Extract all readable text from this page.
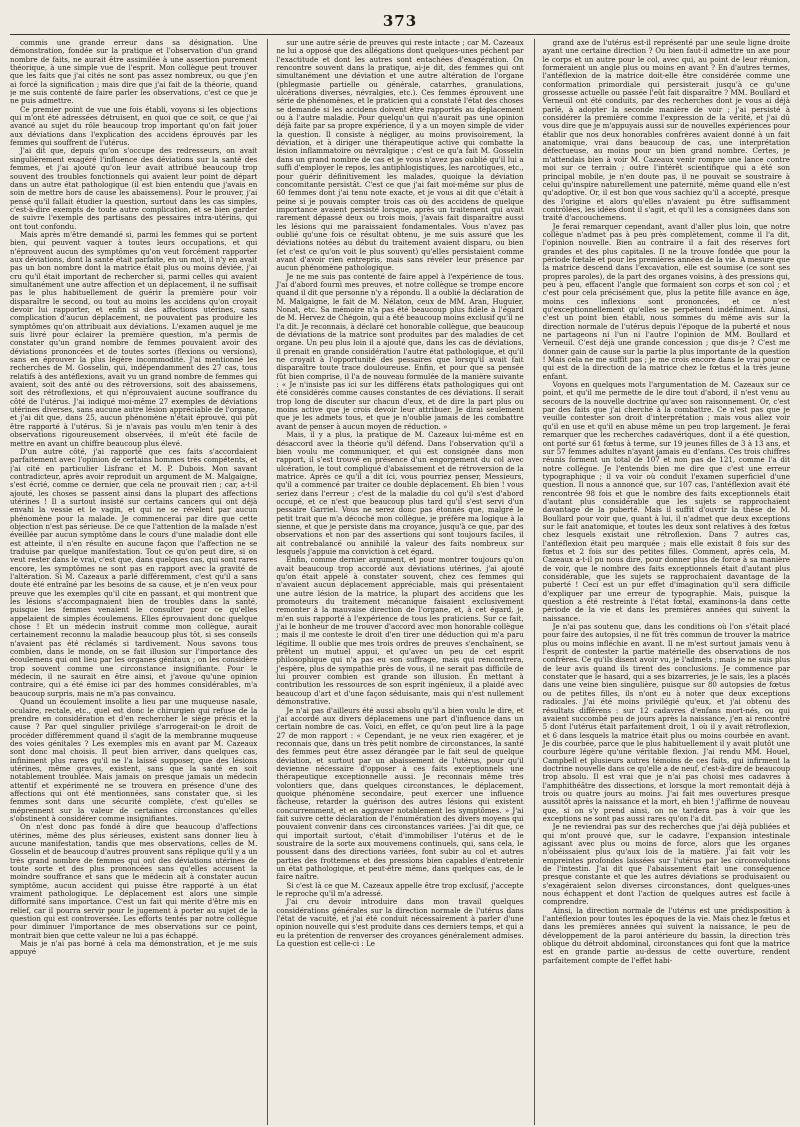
373

commis une grande erreur dans sa désignation. Une démonstration, fondée sur la pratique et l'observation d'un grand nombre de faits, ne aurait être assimilée à une assertion purement théorique, à une simple vue de l'esprit. Mon collègue peut trouver que les faits que j'ai cités ne sont pas assez nombreux, ou que j'en ai forcé la signification ; mais dire que j'ai fait de la théorie, quand je me suis contenté de faire parler les observations, c'est ce que je ne puis admettre.

Ce premier point de vue une fois établi, voyons si les objections qui m'ont été adressées détruisent, en quoi que ce soit, ce que j'ai avancé au sujet du rôle beaucoup trop important qu'on fait jouer aux déviations dans l'explication des accidens éprouvés par les femmes qui souffrent de l'utérus.

J'ai dit que, depuis qu'on s'occupe des redresseurs, on avait singulièrement exagéré l'influence des déviations sur la santé des femmes, et j'ai ajouté qu'on leur avait attribué beaucoup trop souvent des troubles fonctionnels qui avaient leur point de départ dans un autre état pathologique (il est bien entendu que j'avais en soin de mettre hors de cause les abaissemens). Pour le prouver, j'ai pensé qu'il fallait étudier la question, surtout dans les cas simples, c'est-à-dire exempts de toute autre complication, et se bien garder de suivre l'exemple des partisans des pessaires intra-utérins, qui ont tout confondu.

Mais après m'être demandé si, parmi les femmes qui se portent bien, qui peuvent vaquer à toutes leurs occupations, et qui n'éprouvent aucun des symptômes qu'on veut forcément rapporter aux déviations, dont la santé était parfaite, en un mot, il n'y en avait pas un bon nombre dont la matrice était plus ou moins déviée, j'ai cru qu'il était important de rechercher si, parmi celles qui avaient simultanément une autre affection et un déplacement, il ne suffisait pas le plus habituellement de guérir la première pour voir disparaître le second, ou tout au moins les accidens qu'on croyait devoir lui rapporter, et enfin si des affections utérines, sans complication d'aucun déplacement, ne pouvaient pas produire les symptômes qu'on attribuait aux déviations. L'examen auquel je me suis livré pour éclairer la première question, m'a permis de constater qu'un grand nombre de femmes pouvaient avoir des déviations prononcées et de toutes sortes (flexions ou versions), sans en éprouver la plus légère incommodité. J'ai mentionné les recherches de M. Gosselin, qui, indépendamment des 27 cas, tous relatifs à des antéflexions, avait vu un grand nombre de femmes qui avaient, soit des anté ou des rétroversions, soit des abaissemens, soit des rétroflexions, et qui n'éprouvaient aucune souffrance du côté de l'utérus. J'ai indiqué moi-même 27 exemples de déviations utérines diverses, sans aucune autre lésion appréciable de l'organe, et j'ai dit que, dans 25, aucun phénomène n'était éprouvé, qui pût être rapporté à l'utérus. Si je n'avais pas voulu m'en tenir à des observations rigoureusement observées, il m'eût été facile de mettre en avant un chiffre beaucoup plus élevé.

D'un autre côté, j'ai rapporté que ces faits s'accordaient parfaitement avec l'opinion de certains hommes très compétents, et j'ai cité en particulier Lisfranc et M. P. Dubois. Mon savant contradicteur, après avoir reproduit un argument de M. Malgaigne, s'est écrié, comme ce dernier, que cela ne prouvait rien ; car, a-t-il ajouté, les choses se passent ainsi dans la plupart des affections utérines ! Il a surtout insisté sur certains cancers qui ont déjà envahi la vessie et le vagin, et qui ne se révèlent par aucun phénomène pour la malade. Je commencerai par dire que cette objection n'est pas sérieuse. De ce que l'attention de la malade n'est éveillée par aucun symptôme dans le cours d'une maladie dont elle est atteinte, il n'en résulte en aucune façon que l'affection ne se traduise par quelque manifestation. Tout ce qu'on peut dire, si on veut rester dans le vrai, c'est que, dans quelques cas, qui sont rares encore, les symptômes ne sont pas en rapport avec la gravité de l'altération. Si M. Cazeaux a parlé différemment, c'est qu'il a sans doute été entraîné par les besoins de sa cause, et je n'en veux pour preuve que les exemples qu'il cite en passant, et qui montrent que les lésions s'accompagnaient bien de troubles dans la santé, puisque les femmes venaient le consulter pour ce qu'elles appelaient de simples écoulemens. Elles éprouvaient donc quelque chose ! Et un médecin instruit comme mon collègue, aurait certainement reconnu la maladie beaucoup plus tôt, si ses conseils n'avaient pas été réclamés si tardivement. Nous savons tous combien, dans le monde, on se fait illusion sur l'importance des écoulemens qui ont lieu par les organes génitaux ; on les considère trop souvent comme une circonstance insignifiante. Pour le médecin, il ne saurait en être ainsi, et j'avoue qu'une opinion contraire, qui a été émise ici par des hommes considérables, m'a beaucoup surpris, mais ne m'a pas convaincu.

Quand un écoulement insolite a lieu par une muqueuse nasale, oculaire, rectale, etc., quel est donc le chirurgien qui refuse de la prendre en considération et d'en rechercher le siège précis et la cause ? Par quel singulier privilége s'arrogerait-on le droit de procéder différemment quand il s'agit de la membranne muqueuse des voies génitales ? Les exemples mis en avant par M. Cazeaux sont donc mal choisis. Il peut bien arriver, dans quelques cas, infiniment plus rares qu'il ne l'a laissé supposer, que des lésions utérines, même graves, existent, sans que la santé en soit notablement troublée. Mais jamais on presque jamais un médecin attentif et expérimenté ne se trouvera en présence d'une des affections qui ont été mentionnées, sans constater que, si les femmes sont dans une sécurité complète, c'est qu'elles se méprennent sur la valeur de certaines circonstances qu'elles s'obstinent à considérer comme insignifiantes.

On n'est donc pas fondé à dire que beaucoup d'affections utérines, même des plus sérieuses, existent sans donner lieu à aucune manifestation, tandis que mes observations, celles de M. Gosselin et de beaucoup d'autres prouvent sans réplique qu'il y a un très grand nombre de femmes qui ont des déviations utérines de toute sorte et des plus prononcées sans qu'elles accusent la moindre souffrance et sans que le médecin ait à constater aucun symptôme, aucun accident qui puisse être rapporté à un état vraiment pathologique. Le déplacement est alors une simple difformité sans importance. C'est un fait qui mérite d'être mis en relief, car il pourra servir pour le jugement à porter au sujet de la question qui est controversée. Les efforts tentés par notre collègue pour diminuer l'importance de mes observations sur ce point, montrait bien que cette valeur ne lui a pas échappé.

Mais je n'ai pas borné à cela ma démonstration, et je me suis appuyé

sur une autre série de preuves qui reste intacte ; car M. Cazeaux ne lui a opposé que des allégations dont quelques-unes péchent par l'exactitude et dont les autres sont entachées d'exagération. On rencontre souvent dans la pratique, ai-je dit, des femmes qui ont simultanément une déviation et une autre altération de l'organe (phlegmasie partielle ou générale, catarrhes, granulations, ulcérations diverses, névralgies, etc.). Ces femmes éprouvent une série de phénomènes, et le praticien qui a constaté l'état des choses se demande si les accidens doivent être rapportés au déplacement ou à l'autre maladie. Pour quelqu'un qui n'aurait pas une opinion déjà faite par sa propre expérience, il y a un moyen simple de vider la question. Il consiste à négliger, au moins provisoirement, la déviation, et à diriger une thérapeutique active qui combatte la lésion inflammatoire ou névralgique ; c'est ce qu'a fait M. Gosselin dans un grand nombre de cas et je vous n'avez pas oublié qu'il lui a suffi d'employer le repos, les antiphlogistiques, les narcotiques, etc., pour guérir définitivement les malades, quoique la déviation concomitante persistât. C'est ce que j'ai fait moi-même sur plus de 60 femmes dont j'ai tenu note exacte, et je vous ai dit que c'était à peine si je pouvais compter trois cas où des accidens de quelque importance avaient persisté lorsque, après un traitement qui avait rarement dépassé deux ou trois mois, j'avais fait disparaître aussi les lésions qui me paraissaient fondamentales. Vous n'avez pas oublié qu'une fois ce résultat obtenu, je me suis assuré que les déviations notées au début du traitement avaient disparu, ou bien (et c'est ce qu'on voit le plus souvent) qu'elles persistaient comme avant d'avoir rien entrepris, mais sans révéler leur présence par aucun phénomène pathologique.

Je ne me suis pas contenté de faire appel à l'expérience de tous. J'ai d'abord fourni mes preuves, et notre collègue se trompe encore quand il dit que personne n'y a répondu. Il a oublié la déclaration de M. Malgaigne, le fait de M. Nélaton, ceux de MM. Aran, Huguier, Nonat, etc. Sa mémoire n'a pas été beaucoup plus fidèle à l'égard de M. Hervez de Chégoin, qui a été beaucoup moins exclusif qu'il ne l'a dit. Je reconnais, à déclaré cet honorable collègue, que beaucoup de déviations de la matrice sont produites par des maladies de cet organe. Un peu plus loin il a ajouté que, dans les cas de déviations, il prenait en grande considération l'autre état pathologique, et qu'il ne croyait à l'opportunité des pessaires que lorsqu'il avait fait disparaître toute trace douloureuse. Enfin, et pour que sa pensée fût bien comprise, il l'a de nouveau formulée de la manière suivante : « Je n'insiste pas ici sur les différens états pathologiques qui ont été considérés comme causes constantes de ces déviations. Il serait trop long de discuter sur chacun d'eux, et de dire la part plus ou moins active que je crois devoir leur attribuer. Je dirai seulement que je les admets tous, et que je n'oublie jamais de les combattre avant de penser à aucun moyen de réduction. »

Mais, il y a plus, la pratique de M. Cazeaux lui-même est en désaccord avec la théorie qu'il défend. Dans l'observation qu'il a bien voulu me communiquer, et qui est consignée dans mon rapport, il s'est trouvé en présence d'un engorgement du col avec ulcération, le tout compliqué d'abaissement et de rétroversion de la matrice. Après ce qu'il a dit ici, vous pourriez penser, Messieurs, qu'il a commencé par traiter ce double déplacement. Eh bien ! vous seriez dans l'erreur ; c'est de la maladie du col qu'il s'est d'abord occupé, et ce n'est que beaucoup plus tard qu'il s'est servi d'un pessaire Garriel. Vous ne serez donc pas étonnés que, malgré le petit trait que m'a décoché mon collègue, je préfère ma logique à la sienne, et que je persiste dans ma croyance, jusqu'à ce que, par des observations et non par des assertions qui sont toujours faciles, il ait contrebalancé ou annihilé la valeur des faits nombreux sur lesquels j'appuie ma conviction à cet égard.

Enfin, comme dernier argument, et pour montrer toujours qu'on avait beaucoup trop accordé aux déviations utérines, j'ai ajouté qu'on était appelé à constater souvent, chez ces femmes qui n'avaient aucun déplacement appréciable, mais qui présentaient une autre lésion de la matrice, la plupart des accidens que les promoteurs du traitement mécanique faisaient exclusivement remonter à la mauvaise direction de l'organe, et, à cet égard, je m'en suis rapporté à l'expérience de tous les praticiens. Sur ce fait, j'ai le bonheur de me trouver d'accord avec mon honorable collègue ; mais il me conteste le droit d'en tirer une déduction qui m'a paru légitime. Il oublie que mes trois ordres de preuves s'enchaînent, se prêtent un mutuel appui, et qu'avec un peu de cet esprit philosophique qui n'a pas eu son suffrage, mais qui rencontrera, j'espère, plus de sympathie près de vous, il ne serait pas difficile de lui prouver combien est grande son illusion. En mettant à contribution les ressources de son esprit ingénieux, il a plaidé avec beaucoup d'art et d'une façon séduisante, mais qui n'est nullement démonstrative.

Je n'ai pas d'ailleurs été aussi absolu qu'il a bien voulu le dire, et j'ai accordé aux divers déplacemens une part d'influence dans un certain nombre de cas. Voici, en effet, ce qu'on peut lire à la page 27 de mon rapport : « Cependant, je ne veux rien exagérer, et je reconnais que, dans un très petit nombre de circonstances, la santé des femmes peut être assez dérangée par le fait seul de quelque déviation, et surtout par un abaissement de l'utérus, pour qu'il devienne nécessaire d'opposer à ces faits exceptionnels une thérapeutique exceptionnelle aussi. Je reconnais même très volontiers que, dans quelques circonstances, le déplacement, quoique phénomène secondaire, peut exercer une influence fâcheuse, retarder la guérison des autres lésions qui existent concurremment, et en aggraver notablement les symptômes. » J'ai fait suivre cette déclaration de l'énumération des divers moyens qui pouvaient convenir dans ces circonstances variées. J'ai dit que, ce qui importait surtout, c'était d'immobiliser l'utérus et de le soustraire de la sorte aux mouvemens continuels, qui, sans cela, le poussent dans des directions variées, font subir au col et autres parties des frottemens et des pressions bien capables d'entretenir un état pathologique, et peut-être même, dans quelques cas, de le faire naître.

Si c'est là ce que M. Cazeaux appelle être trop exclusif, j'accepte le reproche qu'il m'a adressé.

J'ai cru devoir introduire dans mon travail quelques considérations générales sur la direction normale de l'utérus dans l'état de vacuité, et j'ai été conduit nécessairement à parler d'une opinion nouvelle qui s'est produite dans ces derniers temps, et qui a eu la prétention de renverser des croyances généralement admises. La question est celle-ci : Le

grand axe de l'utérus est-il représenté par une seule ligne droite ayant une certaine direction ? Ou bien faut-il admettre un axe pour le corps et un autre pour le col, avec qui, au point de leur réunion, formeraient un angle plus ou moins en avant ? En d'autres termes, l'antéflexion de la matrice doit-elle être considérée comme une conformation primordiale qui persisterait jusqu'à ce qu'une grossesse actuelle ou passée l'eût fait disparaître ? MM. Boullard et Verneuil ont été conduits, par des recherches dont je vous ai déjà parlé, à adopter la seconde manière de voir ; j'ai persisté à considérer la première comme l'expression de la vérité, et j'ai dû vous dire que je m'appuyais aussi sur de nouvelles expériences pour établir que nos deux honorables confrères avaient donné à un fait anatomique, vrai dans beaucoup de cas, une interprétation défectueuse, au moins pour un bien grand nombre. Certes, je m'attendais bien à voir M. Cazeaux venir rompre une lance contre moi sur ce terrain ; outre l'intérêt scientifique qui a été son principal mobile, je n'en doute pas, il ne pouvait se soustraire à celui qu'inspire naturellement une paternité, même quand elle n'est qu'adoptive. Or, il est bon que vous sachiez qu'il a accepté, presque des l'origine et alors qu'elles n'avaient pu être suffisamment contrôlées, les idées dont il s'agit, et qu'il les a consignées dans son traité d'accouchemens.

Je ferai remarquer cependant, avant d'aller plus loin, que notre collègue n'admet pas à peu près complètement, comme il l'a dit, l'opinion nouvelle. Bien au contraire il a fait des réserves fort grandes et des plus capitales. Il ne la trouve fondée que pour la période fœtale et pour les premières années de la vie. A mesure que la matrice descend dans l'excavation, elle est soumise (ce sont ses propres paroles), de la part des organes voisins, à des pressions qui, peu à peu, effacent l'angle que formaient son corps et son col ; et c'est pour cela précisément que, plus la petite fille avance en âge, moins ces inflexions sont prononcées, et ce n'est qu'exceptionnellement qu'elles se perpétuent indéfiniment. Ainsi, c'est un point bien établi, nous sommes du même avis sur la direction normale de l'utérus depuis l'époque de la puberté et nous ne partageons ni l'un ni l'autre l'opinion de MM. Boullard et Verneuil. C'est déjà une grande concession ; que dis-je ? C'est me donner gain de cause sur la partie la plus importante de la question ! Mais cela ne me suffit pas ; je me crois encore dans le vrai pour ce qui est de la direction de la matrice chez le fœtus et la très jeune enfant.

Voyons en quelques mots l'argumentation de M. Cazeaux sur ce point, et qu'il me permette de le dire tout d'abord, il n'est venu au secours de la nouvelle doctrine qu'avec son raisonnement. Or, c'est par des faits que j'ai cherché à la combattre. Ce n'est pas que je veuille contester son droit d'interprétation ; mais vous allez voir qu'il en use et qu'il en abuse même un peu trop largement. Je ferai remarquer que les recherches cadavériques, dont il a été question, ont porté sur 61 fœtus à terme, sur 19 jeunes filles de 3 à 13 ans, et sur 57 femmes adultes n'ayant jamais eu d'enfans. Ces trois chiffres réunis forment un total de 107 et non pas de 121, comme l'a dit notre collègue. Je l'entends bien me dire que c'est une erreur typographique ; il va voir où conduit l'examen superficiel d'une question. Il nous a annoncé que, sur 107 cas, l'antéflexion avait été rencontrée 98 fois et que le nombre des faits exceptionnels était d'autant plus considérable que les sujets se rapprochaient davantage de la puberté. Mais il suffit d'ouvrir la thèse de M. Boullard pour voir que, quant à lui, il n'admet que deux exceptions sur le fait anatomique, et toutes les deux sont relatives à des fœtus chez lesquels existait une rétroflexion. Dans 7 autres cas, l'antéflexion était peu marquée ; mais elle existait 8 fois sur des fœtus et 2 fois sur des petites filles. Comment, après cela, M. Cazeaux a-t-il pu nous dire, pour donner plus de force à sa manière de voir, que le nombre des faits exceptionnels était d'autant plus considérable, que les sujets se rapprochaient davantage de la puberté ! Ceci est un pur effet d'imagination qu'il sera difficile d'expliquer par une erreur de typographie. Mais, puisque la question a été restreinte à l'état fœtal, examinons-la dans cette période de la vie et dans les premières années qui suivent la naissance.

Je n'ai pas soutenu que, dans les conditions où l'on s'était placé pour faire des autopsies, il ne fût très commun de trouver la matrice plus ou moins infléchie en avant. Il ne m'est surtout jamais venu à l'esprit de contester la partie matérielle des observations de nos confrères. Ce qu'ils disent avoir vu, je l'admets ; mais je ne suis plus de leur avis quand ils tirent des conclusions. Je commence par constater que le hasard, qui a ses bizarreries, je le sais, les a placés dans une veine bien singulière, puisque sur 80 autopsies de fœtus ou de petites filles, ils n'ont eu à noter que deux exceptions radicales. J'ai été moins privilégié qu'eux, et j'ai obtenu des résultats différens : sur 12 cadavres d'enfans mort-nés, ou qui avaient succombé peu de jours après la naissance, j'en ai rencontré 5 dont l'utérus était parfaitement droit, 1 où il y avait rétroflexion, et 6 dans lesquels la matrice était plus ou moins courbée en avant. Je dis courbée, parce que le plus habituellement il y avait plutôt une courbure légère qu'une véritable flexion. J'ai rendu MM. Houel, Campbell et plusieurs autres témoins de ces faits, qui infirment la doctrine nouvelle dans ce qu'elle a de neuf, c'est-à-dire de beaucoup trop absolu. Il est vrai que je n'ai pas choisi mes cadavres à l'amphithéâtre des dissections, et lorsque la mort remontait déjà à trois ou quatre jours au moins. J'ai fait mes ouvertures presque aussitôt après la naissance et la mort, eh bien ! j'affirme de nouveau que, si on s'y prend ainsi, on ne tardera pas à voir que les exceptions ne sont pas aussi rares qu'on l'a dit.

Je ne reviendrai pas sur des recherches que j'ai déjà publiées et qui m'ont prouvé que, sur le cadavre, l'expansion intestinale agissant avec plus ou moins de force, alors que les organes n'obéissaient plus qu'aux lois de la matière. J'ai fait voir les empreintes profondes laissées sur l'utérus par les circonvolutions de l'intestin. J'ai dit que l'abaissement était une conséquence presque constante et que les autres déviations se produisaient ou s'exagéraient selon diverses circonstances, dont quelques-unes nous échappent et dont l'action de quelques autres est facile à comprendre.

Ainsi, la direction normale de l'utérus est une prédisposition à l'antéflexion pour toutes les époques de la vie. Mais chez le fœtus et dans les premières années qui suivent la naissance, le peu de développement de la paroi antérieure du bassin, la direction très oblique du détroit abdominal, circonstances qui font que la matrice est en grande partie au-dessus de cette ouverture, rendent parfaitement compte de l'effet habi-
